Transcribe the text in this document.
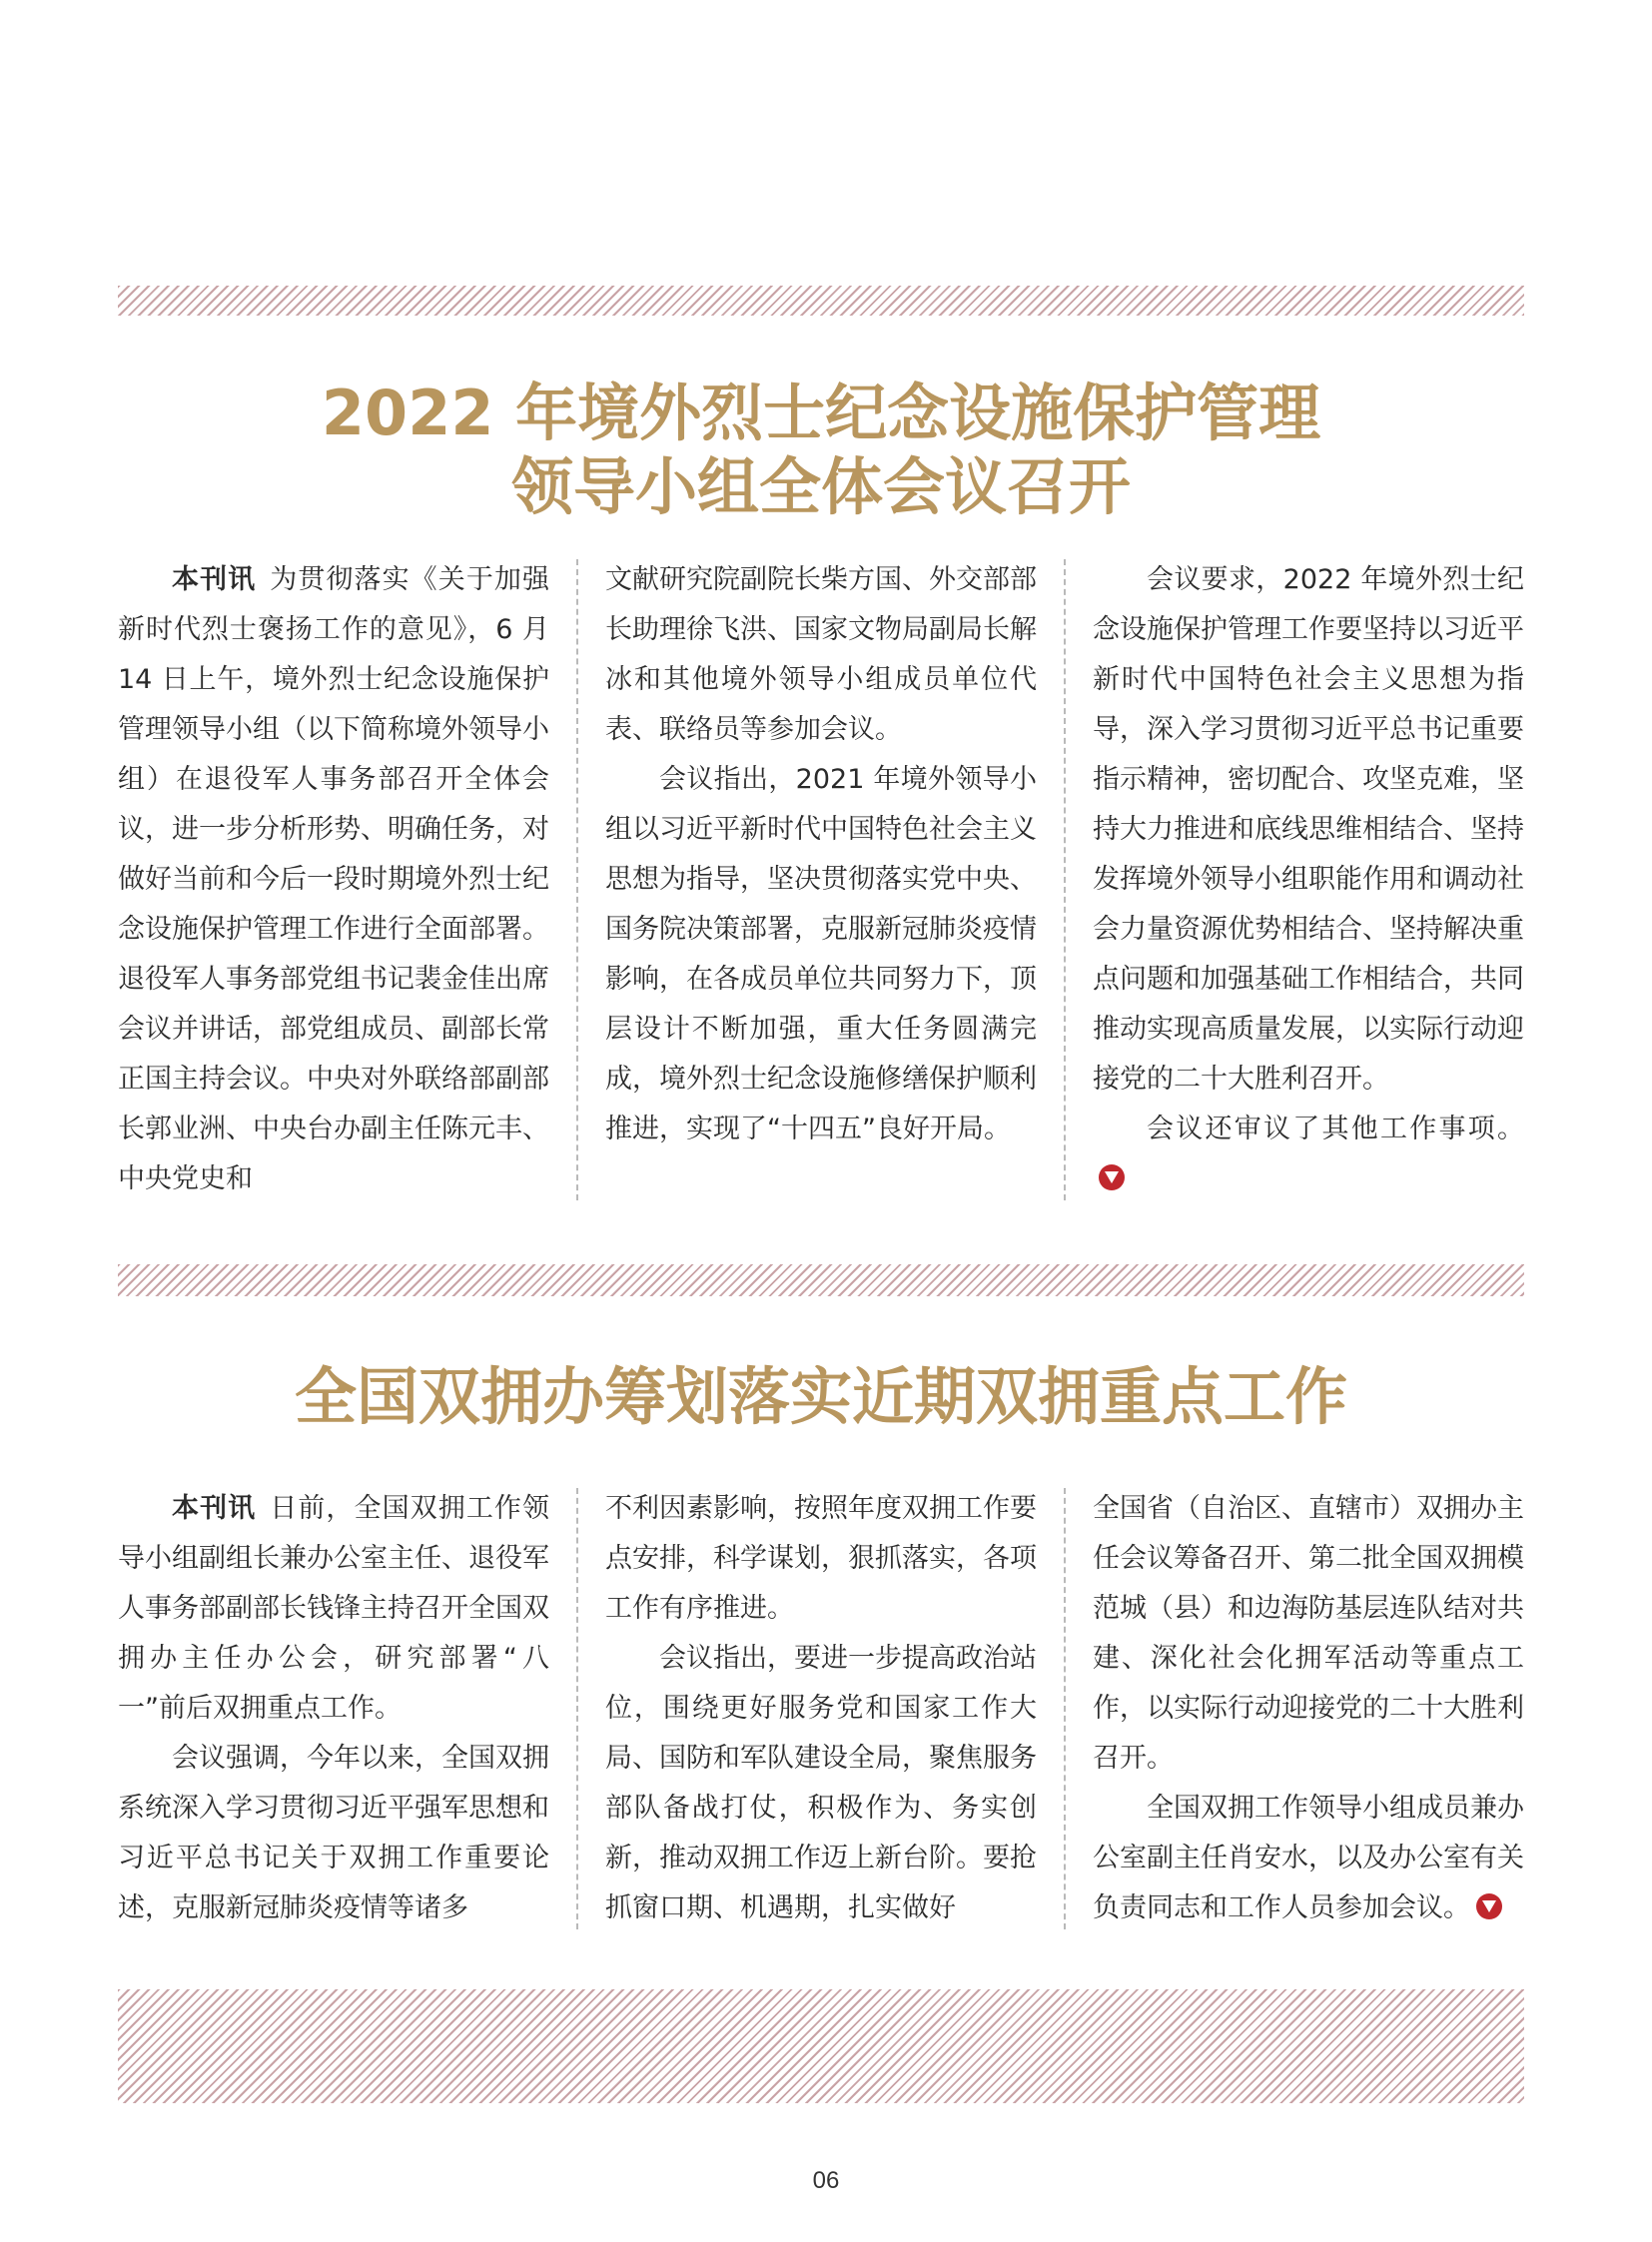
2022 年境外烈士纪念设施保护管理
领导小组全体会议召开

本刊讯 为贯彻落实《关于加强新时代烈士褒扬工作的意见》，6 月 14 日上午，境外烈士纪念设施保护管理领导小组（以下简称境外领导小组）在退役军人事务部召开全体会议，进一步分析形势、明确任务，对做好当前和今后一段时期境外烈士纪念设施保护管理工作进行全面部署。退役军人事务部党组书记裴金佳出席会议并讲话，部党组成员、副部长常正国主持会议。中央对外联络部副部长郭业洲、中央台办副主任陈元丰、中央党史和

文献研究院副院长柴方国、外交部部长助理徐飞洪、国家文物局副局长解冰和其他境外领导小组成员单位代表、联络员等参加会议。

会议指出，2021 年境外领导小组以习近平新时代中国特色社会主义思想为指导，坚决贯彻落实党中央、国务院决策部署，克服新冠肺炎疫情影响，在各成员单位共同努力下，顶层设计不断加强，重大任务圆满完成，境外烈士纪念设施修缮保护顺利推进，实现了“十四五”良好开局。

会议要求，2022 年境外烈士纪念设施保护管理工作要坚持以习近平新时代中国特色社会主义思想为指导，深入学习贯彻习近平总书记重要指示精神，密切配合、攻坚克难，坚持大力推进和底线思维相结合、坚持发挥境外领导小组职能作用和调动社会力量资源优势相结合、坚持解决重点问题和加强基础工作相结合，共同推动实现高质量发展，以实际行动迎接党的二十大胜利召开。

会议还审议了其他工作事项。

全国双拥办筹划落实近期双拥重点工作

本刊讯 日前，全国双拥工作领导小组副组长兼办公室主任、退役军人事务部副部长钱锋主持召开全国双拥办主任办公会，研究部署“八一”前后双拥重点工作。

会议强调，今年以来，全国双拥系统深入学习贯彻习近平强军思想和习近平总书记关于双拥工作重要论述，克服新冠肺炎疫情等诸多

不利因素影响，按照年度双拥工作要点安排，科学谋划，狠抓落实，各项工作有序推进。

会议指出，要进一步提高政治站位，围绕更好服务党和国家工作大局、国防和军队建设全局，聚焦服务部队备战打仗，积极作为、务实创新，推动双拥工作迈上新台阶。要抢抓窗口期、机遇期，扎实做好

全国省（自治区、直辖市）双拥办主任会议筹备召开、第二批全国双拥模范城（县）和边海防基层连队结对共建、深化社会化拥军活动等重点工作，以实际行动迎接党的二十大胜利召开。

全国双拥工作领导小组成员兼办公室副主任肖安水，以及办公室有关负责同志和工作人员参加会议。

06
